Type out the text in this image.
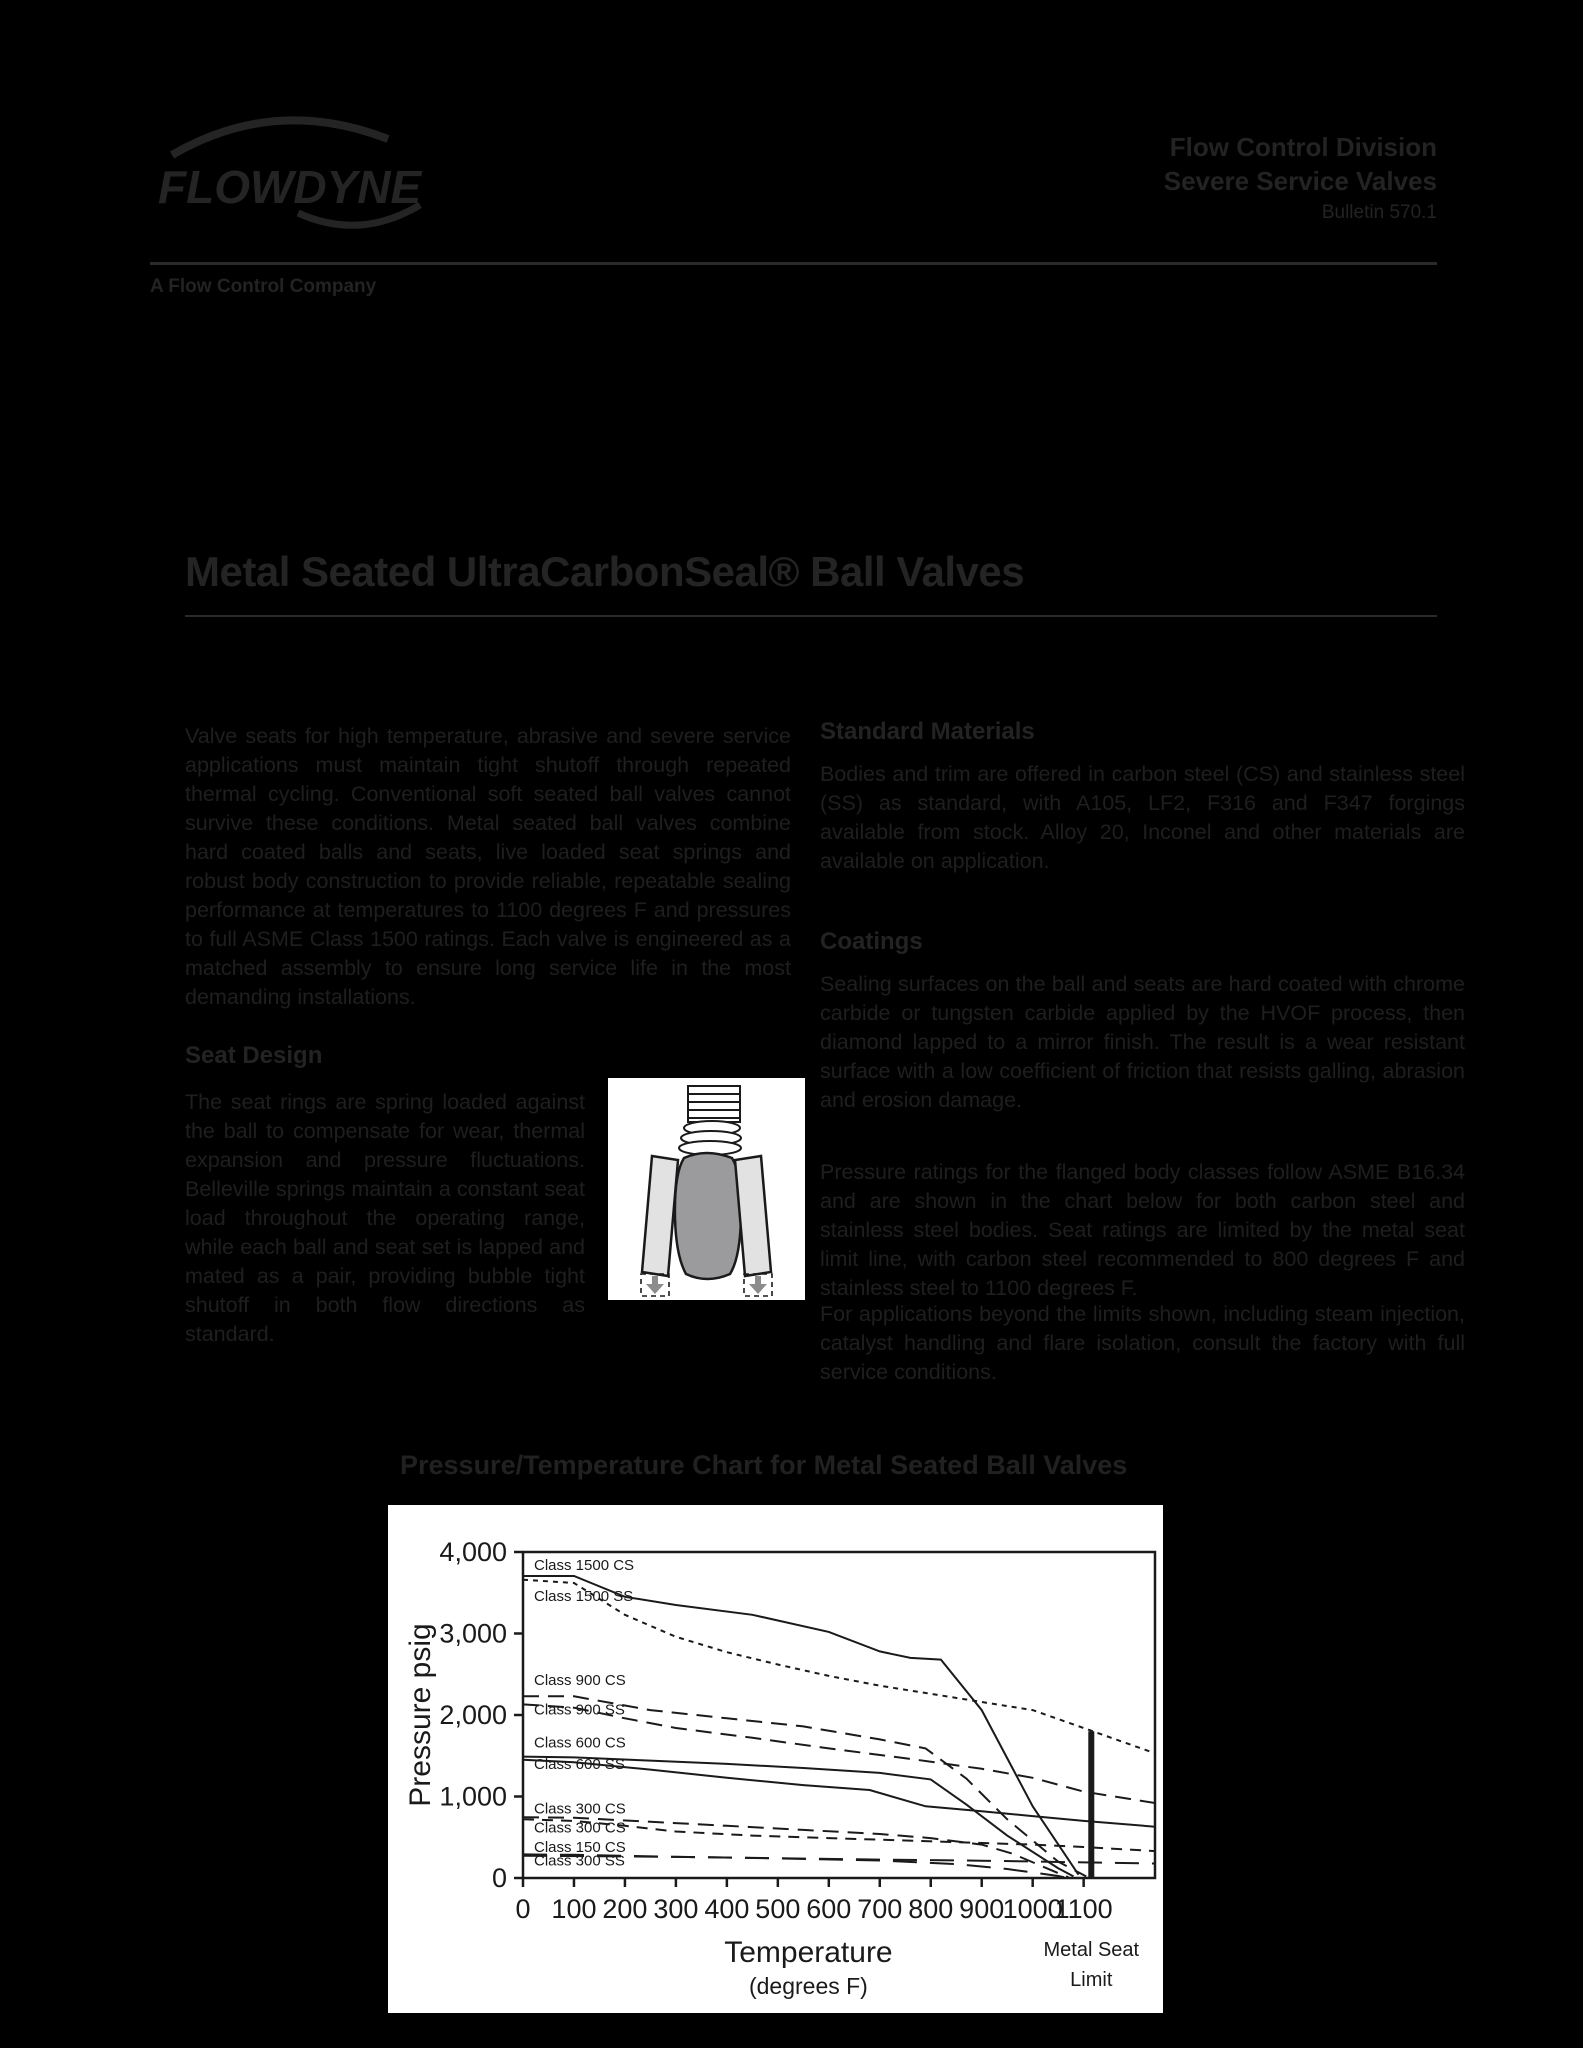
FLOWDYNE
Flow Control Division
Severe Service Valves
Bulletin 570.1
A Flow Control Company
Metal Seated UltraCarbonSeal® Ball Valves
Valve seats for high temperature, abrasive and severe service applications must maintain tight shutoff through repeated thermal cycling. Conventional soft seated ball valves cannot survive these conditions. Metal seated ball valves combine hard coated balls and seats, live loaded seat springs and robust body construction to provide reliable, repeatable sealing performance at temperatures to 1100 degrees F and pressures to full ASME Class 1500 ratings. Each valve is engineered as a matched assembly to ensure long service life in the most demanding installations.
Seat Design
The seat rings are spring loaded against the ball to compensate for wear, thermal expansion and pressure fluctuations. Belleville springs maintain a constant seat load throughout the operating range, while each ball and seat set is lapped and mated as a pair, providing bubble tight shutoff in both flow directions as standard.
Standard Materials
Bodies and trim are offered in carbon steel (CS) and stainless steel (SS) as standard, with A105, LF2, F316 and F347 forgings available from stock. Alloy 20, Inconel and other materials are available on application.
Coatings
Sealing surfaces on the ball and seats are hard coated with chrome carbide or tungsten carbide applied by the HVOF process, then diamond lapped to a mirror finish. The result is a wear resistant surface with a low coefficient of friction that resists galling, abrasion and erosion damage.
Pressure ratings for the flanged body classes follow ASME B16.34 and are shown in the chart below for both carbon steel and stainless steel bodies. Seat ratings are limited by the metal seat limit line, with carbon steel recommended to 800 degrees F and stainless steel to 1100 degrees F.
For applications beyond the limits shown, including steam injection, catalyst handling and flare isolation, consult the factory with full service conditions.
Pressure/Temperature Chart for Metal Seated Ball Valves
0
1,000
2,000
3,000
4,000
Pressure psig
0 100 200 300 400 500 600 700 800 900
1000
1100
Temperature
(degrees F)
Class 1500 CS
Class 1500 SS
Class 900 CS
Class 900 SS
Class 600 CS
Class 600 SS
Class 300 CS
Class 300 CS
Class 150 CS
Class 300 SS
Metal Seat
Limit
